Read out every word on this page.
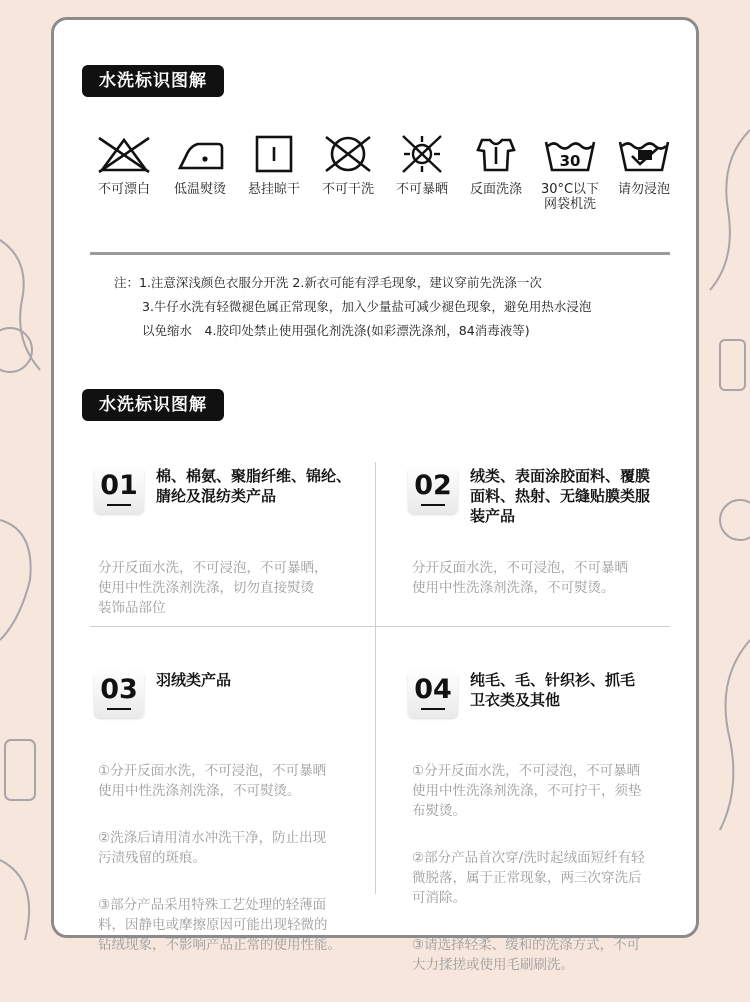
水洗标识图解
不可漂白	低温熨烫	悬挂晾干	不可干洗	不可暴晒	反面洗涤
30
30°C以下
网袋机洗
请勿浸泡
注：1.注意深浅颜色衣服分开洗 2.新衣可能有浮毛现象，建议穿前先洗涤一次
3.牛仔水洗有轻微褪色属正常现象，加入少量盐可减少褪色现象，避免用热水浸泡
以免缩水　4.胶印处禁止使用强化剂洗涤(如彩漂洗涤剂，84消毒液等)
水洗标识图解
01	棉、棉氨、聚脂纤维、锦纶、
腈纶及混纺类产品

分开反面水洗，不可浸泡，不可暴晒，
使用中性洗涤剂洗涤，切勿直接熨烫
装饰品部位

02	绒类、表面涂胶面料、覆膜
面料、热射、无缝贴膜类服
装产品

分开反面水洗，不可浸泡，不可暴晒
使用中性洗涤剂洗涤，不可熨烫。

03	羽绒类产品

①分开反面水洗，不可浸泡，不可暴晒
使用中性洗涤剂洗涤，不可熨烫。

②洗涤后请用清水冲洗干净，防止出现
污渍残留的斑痕。

③部分产品采用特殊工艺处理的轻薄面
料，因静电或摩擦原因可能出现轻微的
钻绒现象，不影响产品正常的使用性能。

04	纯毛、毛、针织衫、抓毛
卫衣类及其他

①分开反面水洗，不可浸泡，不可暴晒
使用中性洗涤剂洗涤，不可拧干，须垫
布熨烫。

②部分产品首次穿/洗时起绒面短纤有轻
微脱落，属于正常现象，两三次穿洗后
可消除。

③请选择轻柔、缓和的洗涤方式，不可
大力揉搓或使用毛刷刷洗。
